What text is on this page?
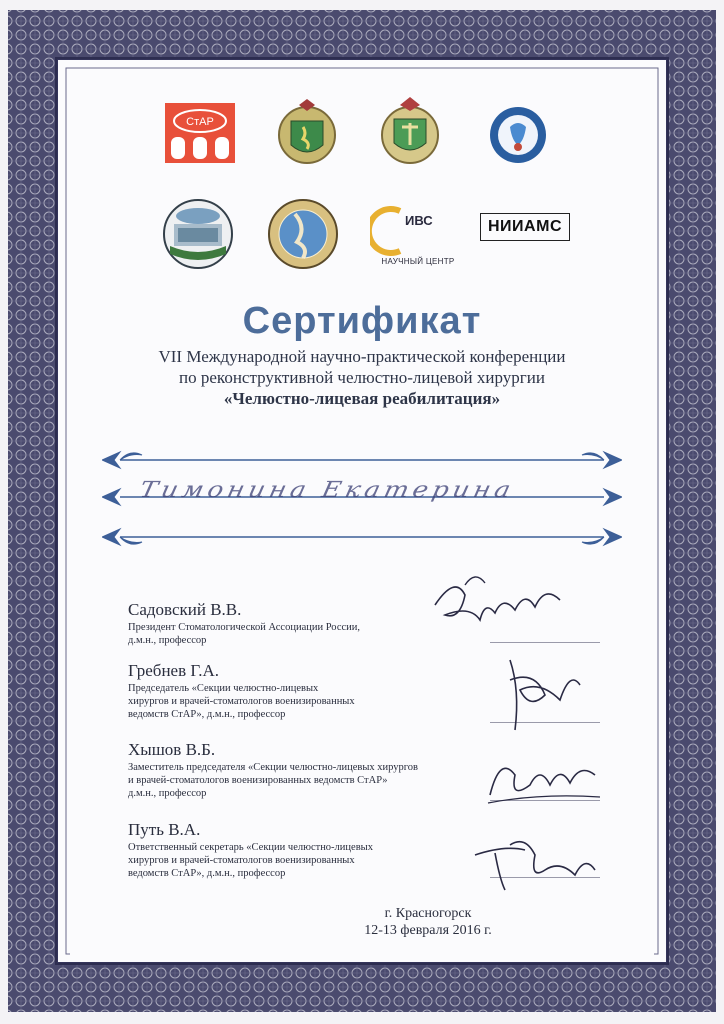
СтАР
ИВС
НАУЧНЫЙ ЦЕНТР
НИИАМС
Сертификат
VII Международной научно-практической конференции
по реконструктивной челюстно-лицевой хирургии
«Челюстно-лицевая реабилитация»
Тимонина Екатерина
Садовский В.В.
Президент Стоматологической Ассоциации России,
д.м.н., профессор
Гребнев Г.А.
Председатель «Секции челюстно-лицевых
хирургов и врачей-стоматологов военизированных
ведомств СтАР», д.м.н., профессор
Хышов В.Б.
Заместитель председателя «Секции челюстно-лицевых хирургов
и врачей-стоматологов военизированных ведомств СтАР»
д.м.н., профессор
Путь В.А.
Ответственный секретарь «Секции челюстно-лицевых
хирургов и врачей-стоматологов военизированных
ведомств СтАР», д.м.н., профессор
г. Красногорск
12-13 февраля 2016 г.
